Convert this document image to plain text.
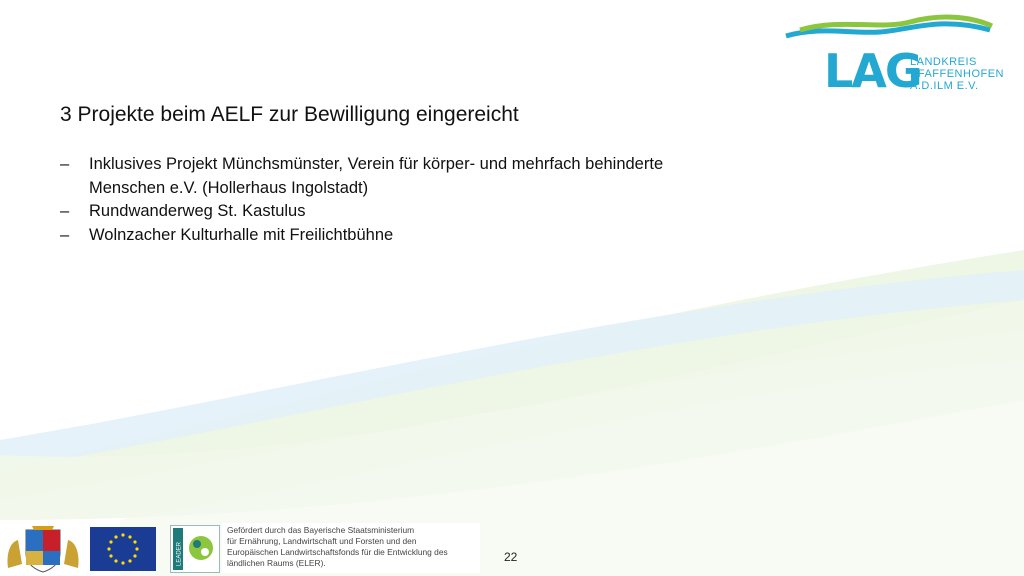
LAG
LANDKREIS
PFAFFENHOFEN
A.D.ILM E.V.
3 Projekte beim AELF zur Bewilligung eingereicht
– Inklusives Projekt Münchsmünster, Verein für körper- und mehrfach behinderte
Menschen e.V. (Hollerhaus Ingolstadt)
– Rundwanderweg St. Kastulus
– Wolnzacher Kulturhalle mit Freilichtbühne
LEADER
Gefördert durch das Bayerische Staatsministerium
für Ernährung, Landwirtschaft und Forsten und den
Europäischen Landwirtschaftsfonds für die Entwicklung des
ländlichen Raums (ELER).	22
